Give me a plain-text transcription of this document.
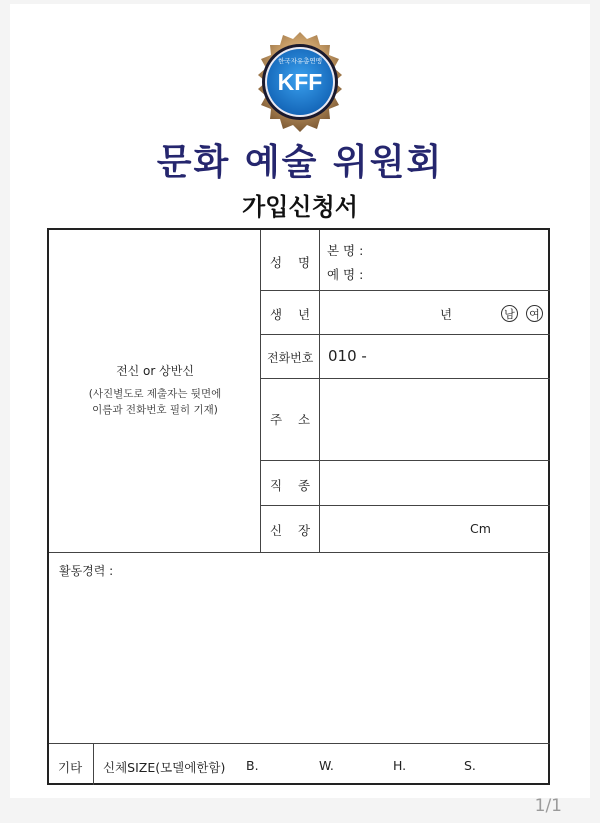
KFF
한국자유총연맹
문화 예술 위원회
가입신청서
전신 or 상반신
(사진별도로 제출자는 뒷면에
이름과 전화번호 필히 기재)
성 명
본 명 :
예 명 :
생 년	년	남 여
전화번호 010 -
주 소
직 종
신 장	Cm
활동경력 :
기타 신체SIZE(모델에한함) B.	W.	H.	S.
1/1
